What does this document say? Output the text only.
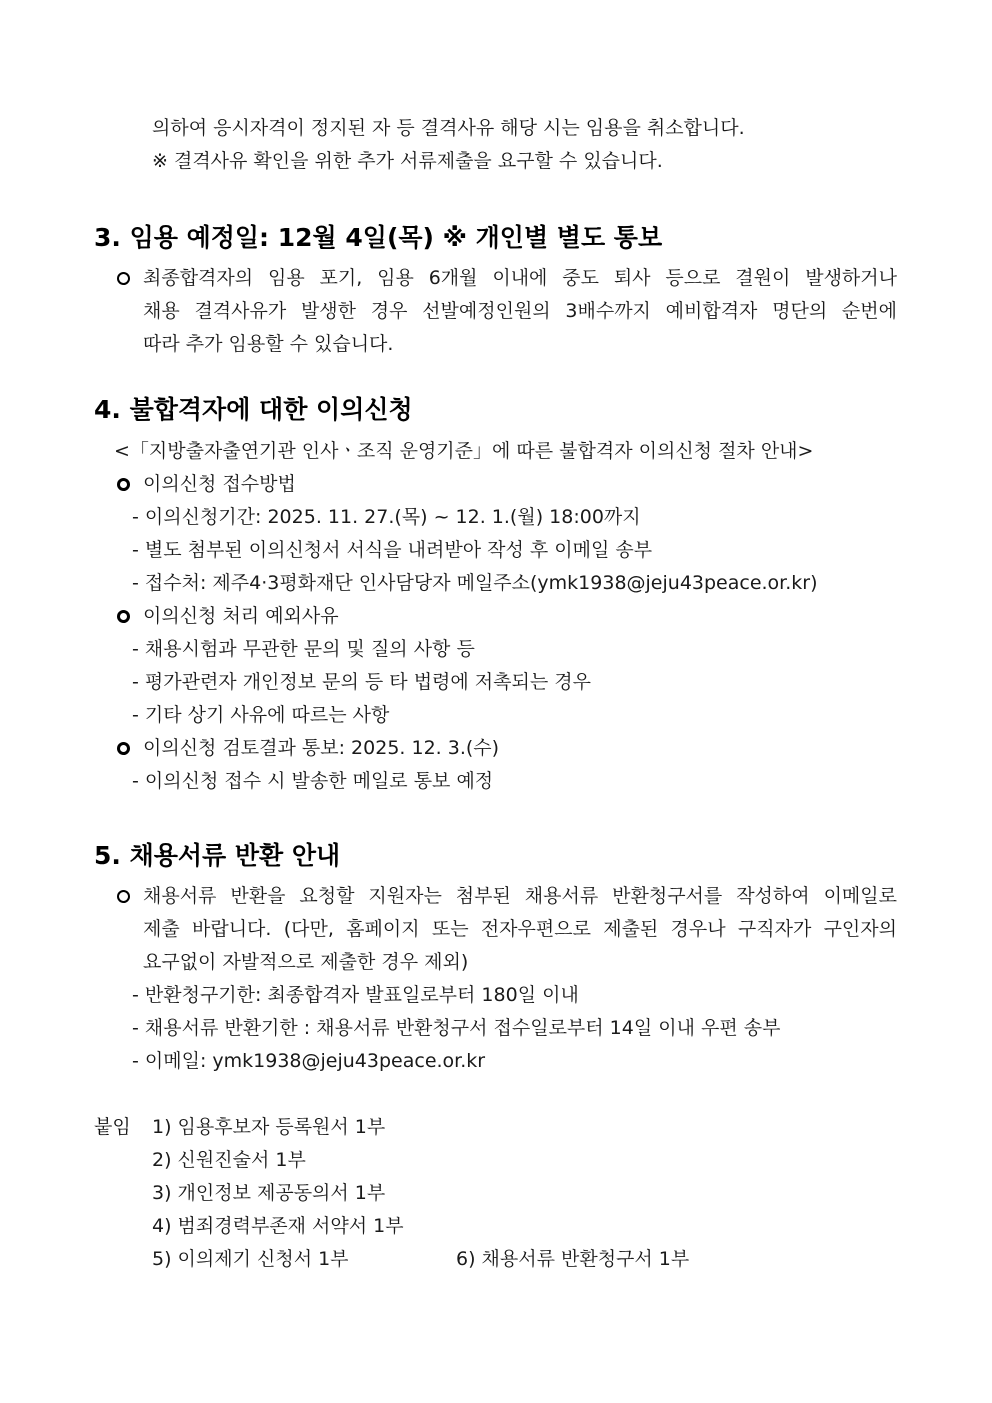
의하여 응시자격이 정지된 자 등 결격사유 해당 시는 임용을 취소합니다.
※ 결격사유 확인을 위한 추가 서류제출을 요구할 수 있습니다.
3. 임용 예정일: 12월 4일(목) ※ 개인별 별도 통보
최종합격자의 임용 포기, 임용 6개월 이내에 중도 퇴사 등으로 결원이 발생하거나
채용 결격사유가 발생한 경우 선발예정인원의 3배수까지 예비합격자 명단의 순번에
따라 추가 임용할 수 있습니다.
4. 불합격자에 대한 이의신청
<「지방출자출연기관 인사ㆍ조직 운영기준」에 따른 불합격자 이의신청 절차 안내>
이의신청 접수방법
- 이의신청기간: 2025. 11. 27.(목) ~ 12. 1.(월) 18:00까지
- 별도 첨부된 이의신청서 서식을 내려받아 작성 후 이메일 송부
- 접수처: 제주4·3평화재단 인사담당자 메일주소(ymk1938@jeju43peace.or.kr)
이의신청 처리 예외사유
- 채용시험과 무관한 문의 및 질의 사항 등
- 평가관련자 개인정보 문의 등 타 법령에 저촉되는 경우
- 기타 상기 사유에 따르는 사항
이의신청 검토결과 통보: 2025. 12. 3.(수)
- 이의신청 접수 시 발송한 메일로 통보 예정
5. 채용서류 반환 안내
채용서류 반환을 요청할 지원자는 첨부된 채용서류 반환청구서를 작성하여 이메일로
제출 바랍니다. (다만, 홈페이지 또는 전자우편으로 제출된 경우나 구직자가 구인자의
요구없이 자발적으로 제출한 경우 제외)
- 반환청구기한: 최종합격자 발표일로부터 180일 이내
- 채용서류 반환기한 : 채용서류 반환청구서 접수일로부터 14일 이내 우편 송부
- 이메일: ymk1938@jeju43peace.or.kr
붙임 1) 임용후보자 등록원서 1부
2) 신원진술서 1부
3) 개인정보 제공동의서 1부
4) 범죄경력부존재 서약서 1부
5) 이의제기 신청서 1부	6) 채용서류 반환청구서 1부
